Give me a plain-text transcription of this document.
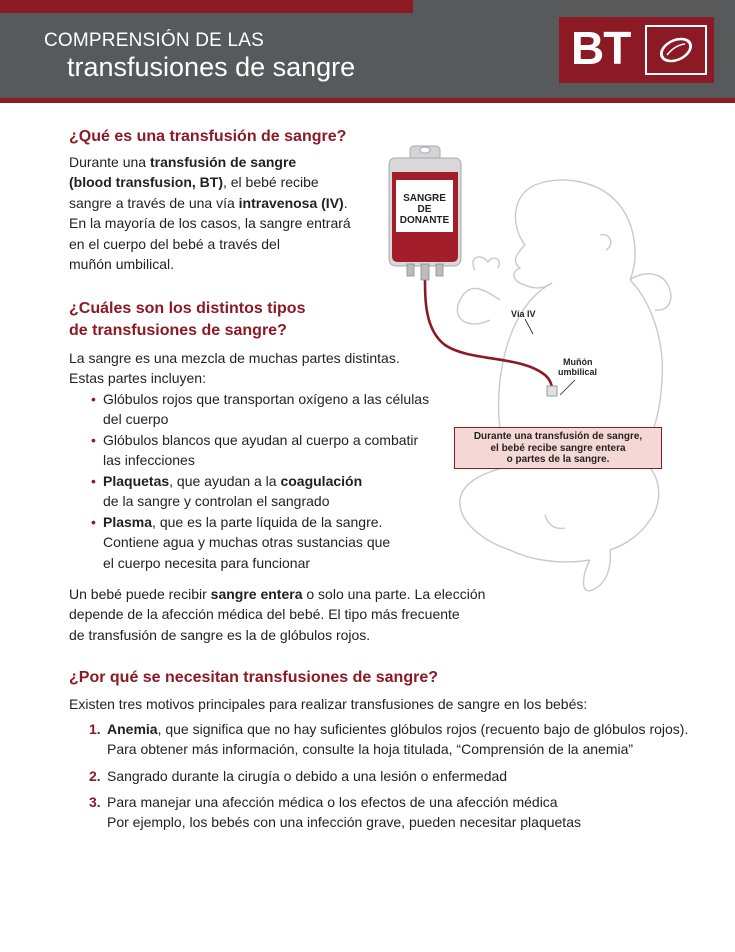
COMPRENSIÓN DE LAS
transfusiones de sangre	BT
¿Qué es una transfusión de sangre?
Durante una transfusión de sangre
(blood transfusion, BT), el bebé recibe
sangre a través de una vía intravenosa (IV).
En la mayoría de los casos, la sangre entrará
en el cuerpo del bebé a través del
muñón umbilical.
¿Cuáles son los distintos tipos
de transfusiones de sangre?
La sangre es una mezcla de muchas partes distintas.
Estas partes incluyen:
• Glóbulos rojos que transportan oxígeno a las células
del cuerpo
• Glóbulos blancos que ayudan al cuerpo a combatir
las infecciones
• Plaquetas, que ayudan a la coagulación
de la sangre y controlan el sangrado
• Plasma, que es la parte líquida de la sangre.
Contiene agua y muchas otras sustancias que
el cuerpo necesita para funcionar
Un bebé puede recibir sangre entera o solo una parte. La elección
depende de la afección médica del bebé. El tipo más frecuente
de transfusión de sangre es la de glóbulos rojos.
¿Por qué se necesitan transfusiones de sangre?
Existen tres motivos principales para realizar transfusiones de sangre en los bebés:
1. Anemia, que significa que no hay suficientes glóbulos rojos (recuento bajo de glóbulos rojos).
Para obtener más información, consulte la hoja titulada, “Comprensión de la anemia”
2. Sangrado durante la cirugía o debido a una lesión o enfermedad
3. Para manejar una afección médica o los efectos de una afección médica
Por ejemplo, los bebés con una infección grave, pueden necesitar plaquetas
SANGRE
DE
DONANTE
Vía IV
Muñón
umbilical
Durante una transfusión de sangre,
el bebé recibe sangre entera
o partes de la sangre.
